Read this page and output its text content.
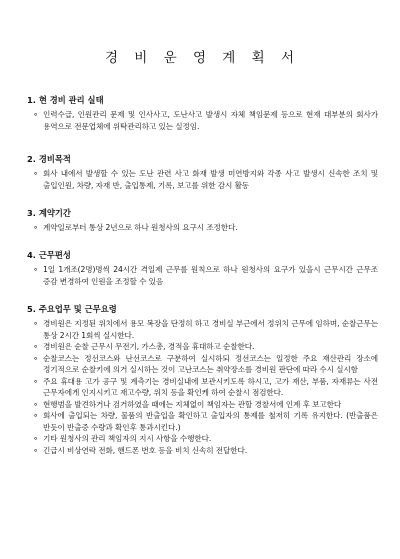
경 비 운 영 계 획 서

1. 현 경비 관리 실태

∘ 인력수급, 인원관리 문제 및 인사사고, 도난사고 발생시 자체 책임문제 등으로 현재 대부분의 회사가 용역으로 전문업체에 위탁관리하고 있는 실정임.

2. 경비목적

∘ 회사 내에서 발생할 수 있는 도난 관련 사고 화재 발생 미연방지와 각종 사고 발생시 신속한 조치 및 출입인원, 차량, 자재 반, 출입통제, 기록, 보고를 위한 감시 활동

3. 계약기간

∘ 계약일로부터 통상 2년으로 하나 원청사의 요구시 조정한다.

4. 근무편성

∘ 1일 1개조(2명)명씩 24시간 격일제 근무를 원칙으로 하나 원청사의 요구가 있을시 근무시간 근무조 증감 변경하여 인원을 조정할 수 있음

5. 주요업무 및 근무요령

∘ 경비원은 지정된 위치에서 용모 복장을 단정히 하고 경비실 부근에서 정위치 근무에 임하며, 순찰근무는 통상 2시간 1회씩 실시한다.
∘ 경비원은 순찰 근무시 무전기, 가스총, 경적을 휴대하고 순찰한다.
∘ 순찰코스는 정선코스와 난선코스로 구분하여 실시하되 정선코스는 일정한 주요 재산관리 장소에 정기적으로 순찰키에 의거 실시하는 것이 고난코스는 취약장소를 경비원 판단에 따라 수시 실시함
∘ 주요 휴대용 고가 공구 및 계측기는 경비실내에 보관시키도록 하시고, 고가 재산, 부품, 자재류는 사전 근무자에게 인지시키고 재고수량, 위치 등을 확인케 하여 순찰시 점검한다.
∘ 현행범을 발견하거나 검거하였을 때에는 지체없이 책임자는 관할 경찰서에 인계 후 보고한다
∘ 회사에 출입되는 차량, 물품의 반출입을 확인하고 출입자의 통제를 철저히 기록 유지한다. (반출품은 반듯이 반출증 수량과 확인후 통과시킨다.)
∘ 기타 원청사의 관리 책임자의 지시 사항을 수행한다.
∘ 긴급시 비상연락 전화, 핸드폰 번호 등을 비치 신속히 전달한다.
